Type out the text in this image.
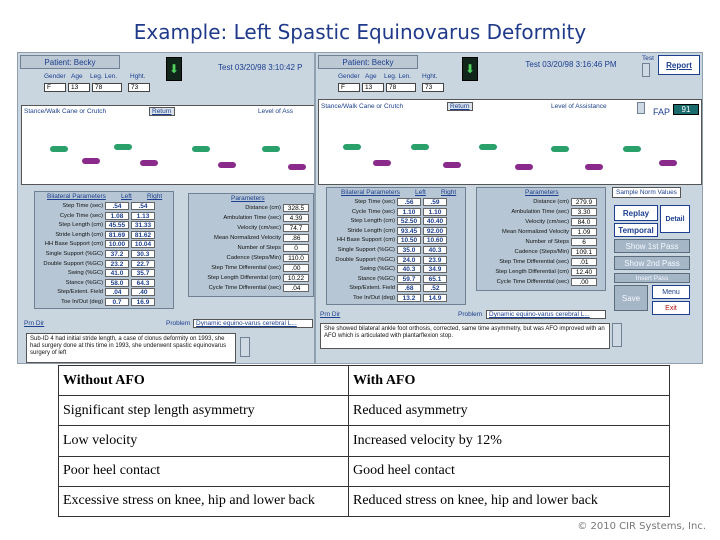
Example: Left Spastic Equinovarus Deformity
Patient: Becky	⬇	Test 03/20/98 3:10:42 P
Gender Age Leg. Len. Hght.
F	13	78	73
Stance/Walk Cane or Crutch	Return	Level of Ass
Bilateral Parameters Left Right
Step Time (sec)	.54	.54
Cycle Time (sec)	1.08	1.13
Step Length (cm) 45.55	31.33
Stride Length (cm) 81.69	81.62
HH Base Support (cm) 10.00	10.04
Single Support (%GC)	37.2	30.3
Double Support (%GC)	23.2	22.7
Swing (%GC)	41.0	35.7
Stance (%GC)	58.0	64.3
Step/Extent. Field	.04	.40
Toe In/Out (deg)	0.7	16.9
Parameters
Distance (cm)	328.5
Ambulation Time (sec)	4.39
Velocity (cm/sec)	74.7
Mean Normalized Velocity	.86
Number of Steps	0
Cadence (Steps/Min)	110.0
Step Time Differential (sec)	.00
Step Length Differential (cm)	10.22
Cycle Time Differential (sec)	.04
Prn Dir	Problem Dynamic equino-varus cerebral L...
Sub-ID 4 had initial stride length, a case of clonus deformity on 1993, she had surgery done at this time in 1993, she underwent spastic equinovarus surgery of left
Patient: Becky	⬇	Test 03/20/98 3:16:46 PM
Test
Report
Gender Age Leg. Len. Hght.
F	13	78	73
Stance/Walk Cane or Crutch	Return	Level of Assistance
FAP	91
Bilateral Parameters Left Right
Step Time (sec)	.56	.59
Cycle Time (sec)	1.10	1.10
Step Length (cm) 52.50	40.40
Stride Length (cm) 93.45	92.00
HH Base Support (cm) 10.50	10.60
Single Support (%GC)	35.0	40.3
Double Support (%GC)	24.0	23.9
Swing (%GC)	40.3	34.9
Stance (%GC)	59.7	65.1
Step/Extent. Field	.68	.52
Toe In/Out (deg)	13.2	14.9
Parameters
Distance (cm)	279.9
Ambulation Time (sec)	3.30
Velocity (cm/sec)	84.0
Mean Normalized Velocity	1.09
Number of Steps	6
Cadence (Steps/Min)	109.1
Step Time Differential (sec)	.01
Step Length Differential (cm)	12.40
Cycle Time Differential (sec)	.00
Sample Norm Values
Replay
Detail
Temporal
Show 1st Pass
Show 2nd Pass
Insert Pass
Save
Menu
Exit
Prn Dir	Problem	Dynamic equino-varus cerebral L...
She showed bilateral ankle foot orthosis, corrected, same time asymmetry, but was AFO improved with an AFO which is articulated with plantarflexion stop.
Without AFO	With AFO
Significant step length asymmetry	Reduced asymmetry
Low velocity	Increased velocity by 12%
Poor heel contact	Good heel contact
Excessive stress on knee, hip and lower back	Reduced stress on knee, hip and lower back
© 2010 CIR Systems, Inc.
